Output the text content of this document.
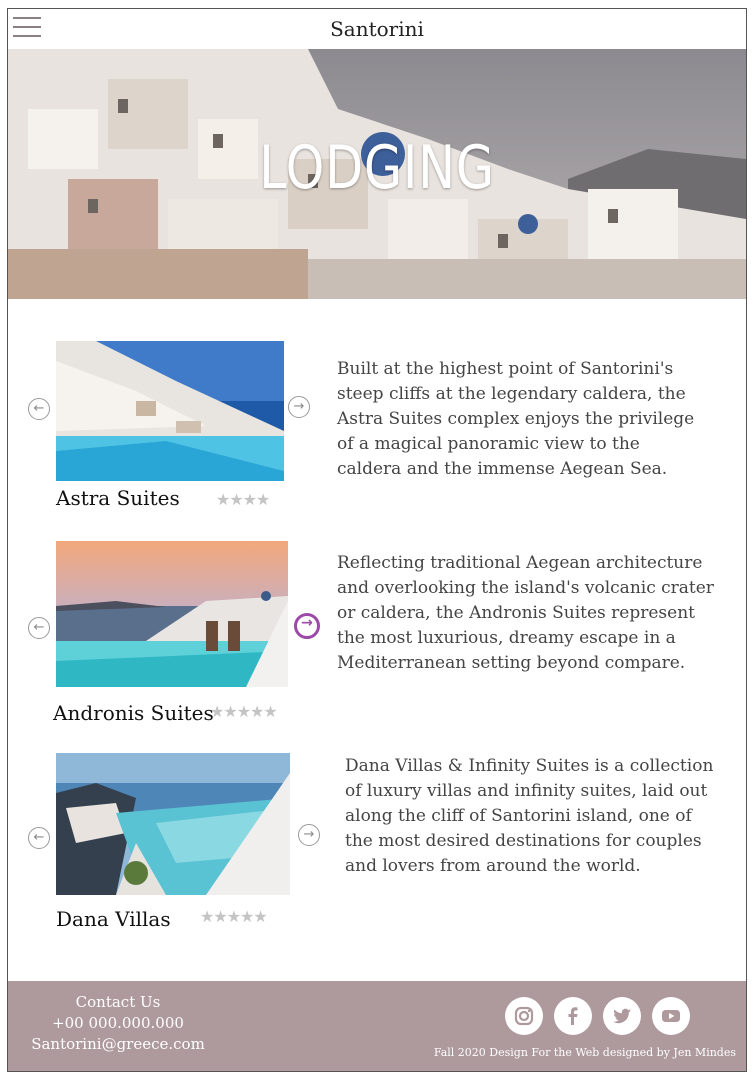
Santorini
LODGING
←	→
Astra Suites ★★★★
Built at the highest point of Santorini's steep cliffs at the legendary caldera, the Astra Suites complex enjoys the privilege of a magical panoramic view to the caldera and the immense Aegean Sea.
←	→
Andronis Suites
★★★★★
Reflecting traditional Aegean architecture and overlooking the island's volcanic crater or caldera, the Andronis Suites represent the most luxurious, dreamy escape in a Mediterranean setting beyond compare.
←	→
Dana Villas ★★★★★
Dana Villas & Infinity Suites is a collection of luxury villas and infinity suites, laid out along the cliff of Santorini island, one of the most desired destinations for couples and lovers from around the world.
Contact Us
+00 000.000.000
Santorini@greece.com	Fall 2020 Design For the Web designed by Jen Mindes
